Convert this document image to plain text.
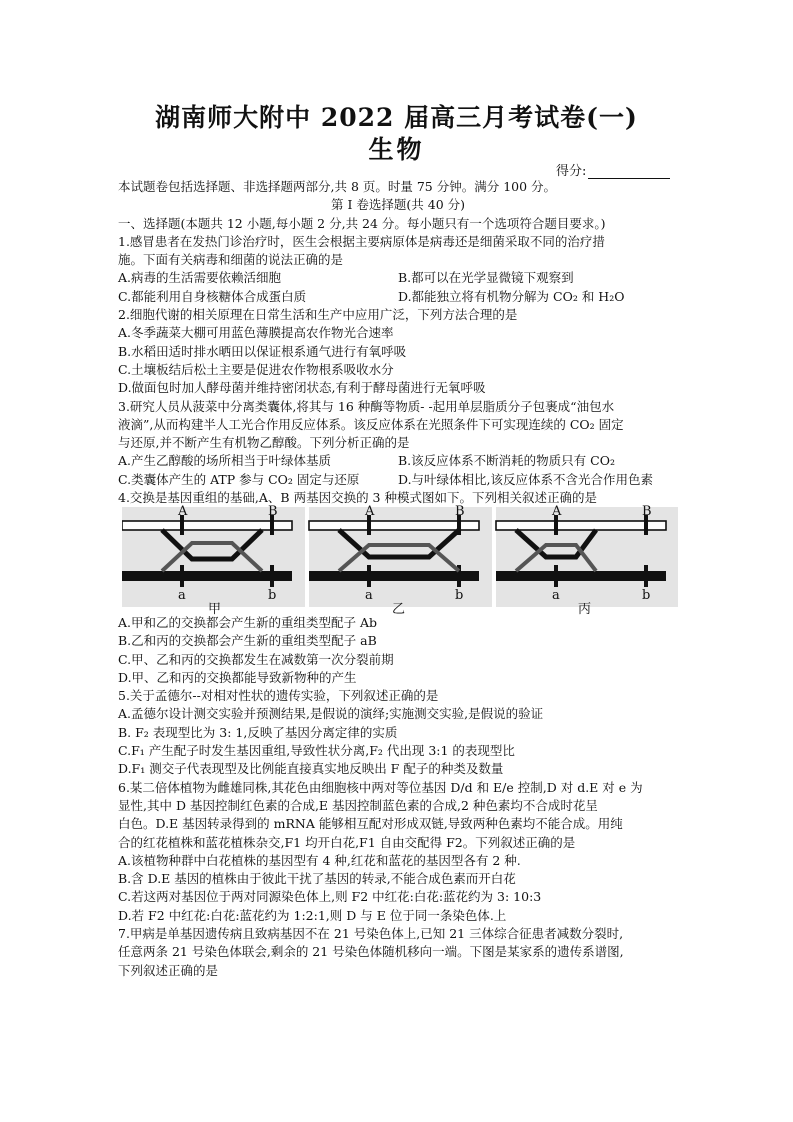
湖南师大附中 2022 届高三月考试卷(一)
生物
得分:
本试题卷包括选择题、非选择题两部分,共 8 页。时量 75 分钟。满分 100 分。
第 I 卷选择题(共 40 分)
一、选择题(本题共 12 小题,每小题 2 分,共 24 分。每小题只有一个选项符合题目要求。)
1.感冒患者在发热门诊治疗时，医生会根据主要病原体是病毒还是细菌采取不同的治疗措
施。下面有关病毒和细菌的说法正确的是
A.病毒的生活需要依赖活细胞	B.都可以在光学显微镜下观察到
C.都能利用自身核糖体合成蛋白质	D.都能独立将有机物分解为 CO₂ 和 H₂O
2.细胞代谢的相关原理在日常生活和生产中应用广泛，下列方法合理的是
A.冬季蔬菜大棚可用蓝色薄膜提高农作物光合速率
B.水稻田适时排水晒田以保证根系通气进行有氧呼吸
C.土壤板结后松土主要是促进农作物根系吸收水分
D.做面包时加人酵母菌并维持密闭状态,有利于酵母菌进行无氧呼吸
3.研究人员从菠菜中分离类囊体,将其与 16 种酶等物质- -起用单层脂质分子包裹成“油包水
液滴”,从而构建半人工光合作用反应体系。该反应体系在光照条件下可实现连续的 CO₂ 固定
与还原,并不断产生有机物乙醇酸。下列分析正确的是
A.产生乙醇酸的场所相当于叶绿体基质	B.该反应体系不断消耗的物质只有 CO₂
C.类囊体产生的 ATP 参与 CO₂ 固定与还原	D.与叶绿体相比,该反应体系不含光合作用色素
4.交换是基因重组的基础,A、B 两基因交换的 3 种模式图如下。下列相关叙述正确的是
A	B
a	b
A	B
a	b
A	B
a	b
甲	乙	丙
A.甲和乙的交换都会产生新的重组类型配子 Ab
B.乙和丙的交换都会产生新的重组类型配子 aB
C.甲、乙和丙的交换都发生在减数第一次分裂前期
D.甲、乙和丙的交换都能导致新物种的产生
5.关于孟德尔--对相对性状的遗传实验，下列叙述正确的是
A.孟德尔设计测交实验并预测结果,是假说的演绎;实施测交实验,是假说的验证
B. F₂ 表现型比为 3: 1,反映了基因分离定律的实质
C.F₁ 产生配子时发生基因重组,导致性状分离,F₂ 代出现 3:1 的表现型比
D.F₁ 测交子代表现型及比例能直接真实地反映出 F 配子的种类及数量
6.某二倍体植物为雌雄同株,其花色由细胞核中两对等位基因 D/d 和 E/e 控制,D 对 d.E 对 e 为
显性,其中 D 基因控制红色素的合成,E 基因控制蓝色素的合成,2 种色素均不合成时花呈
白色。D.E 基因转录得到的 mRNA 能够相互配对形成双链,导致两种色素均不能合成。用纯
合的红花植株和蓝花植株杂交,F1 均开白花,F1 自由交配得 F2。下列叙述正确的是
A.该植物种群中白花植株的基因型有 4 种,红花和蓝花的基因型各有 2 种.
B.含 D.E 基因的植株由于彼此干扰了基因的转录,不能合成色素而开白花
C.若这两对基因位于两对同源染色体上,则 F2 中红花:白花:蓝花约为 3: 10:3
D.若 F2 中红花:白花:蓝花约为 1:2:1,则 D 与 E 位于同一条染色体.上
7.甲病是单基因遗传病且致病基因不在 21 号染色体上,已知 21 三体综合征患者减数分裂时,
任意两条 21 号染色体联会,剩余的 21 号染色体随机移向一端。下图是某家系的遗传系谱图,
下列叙述正确的是
